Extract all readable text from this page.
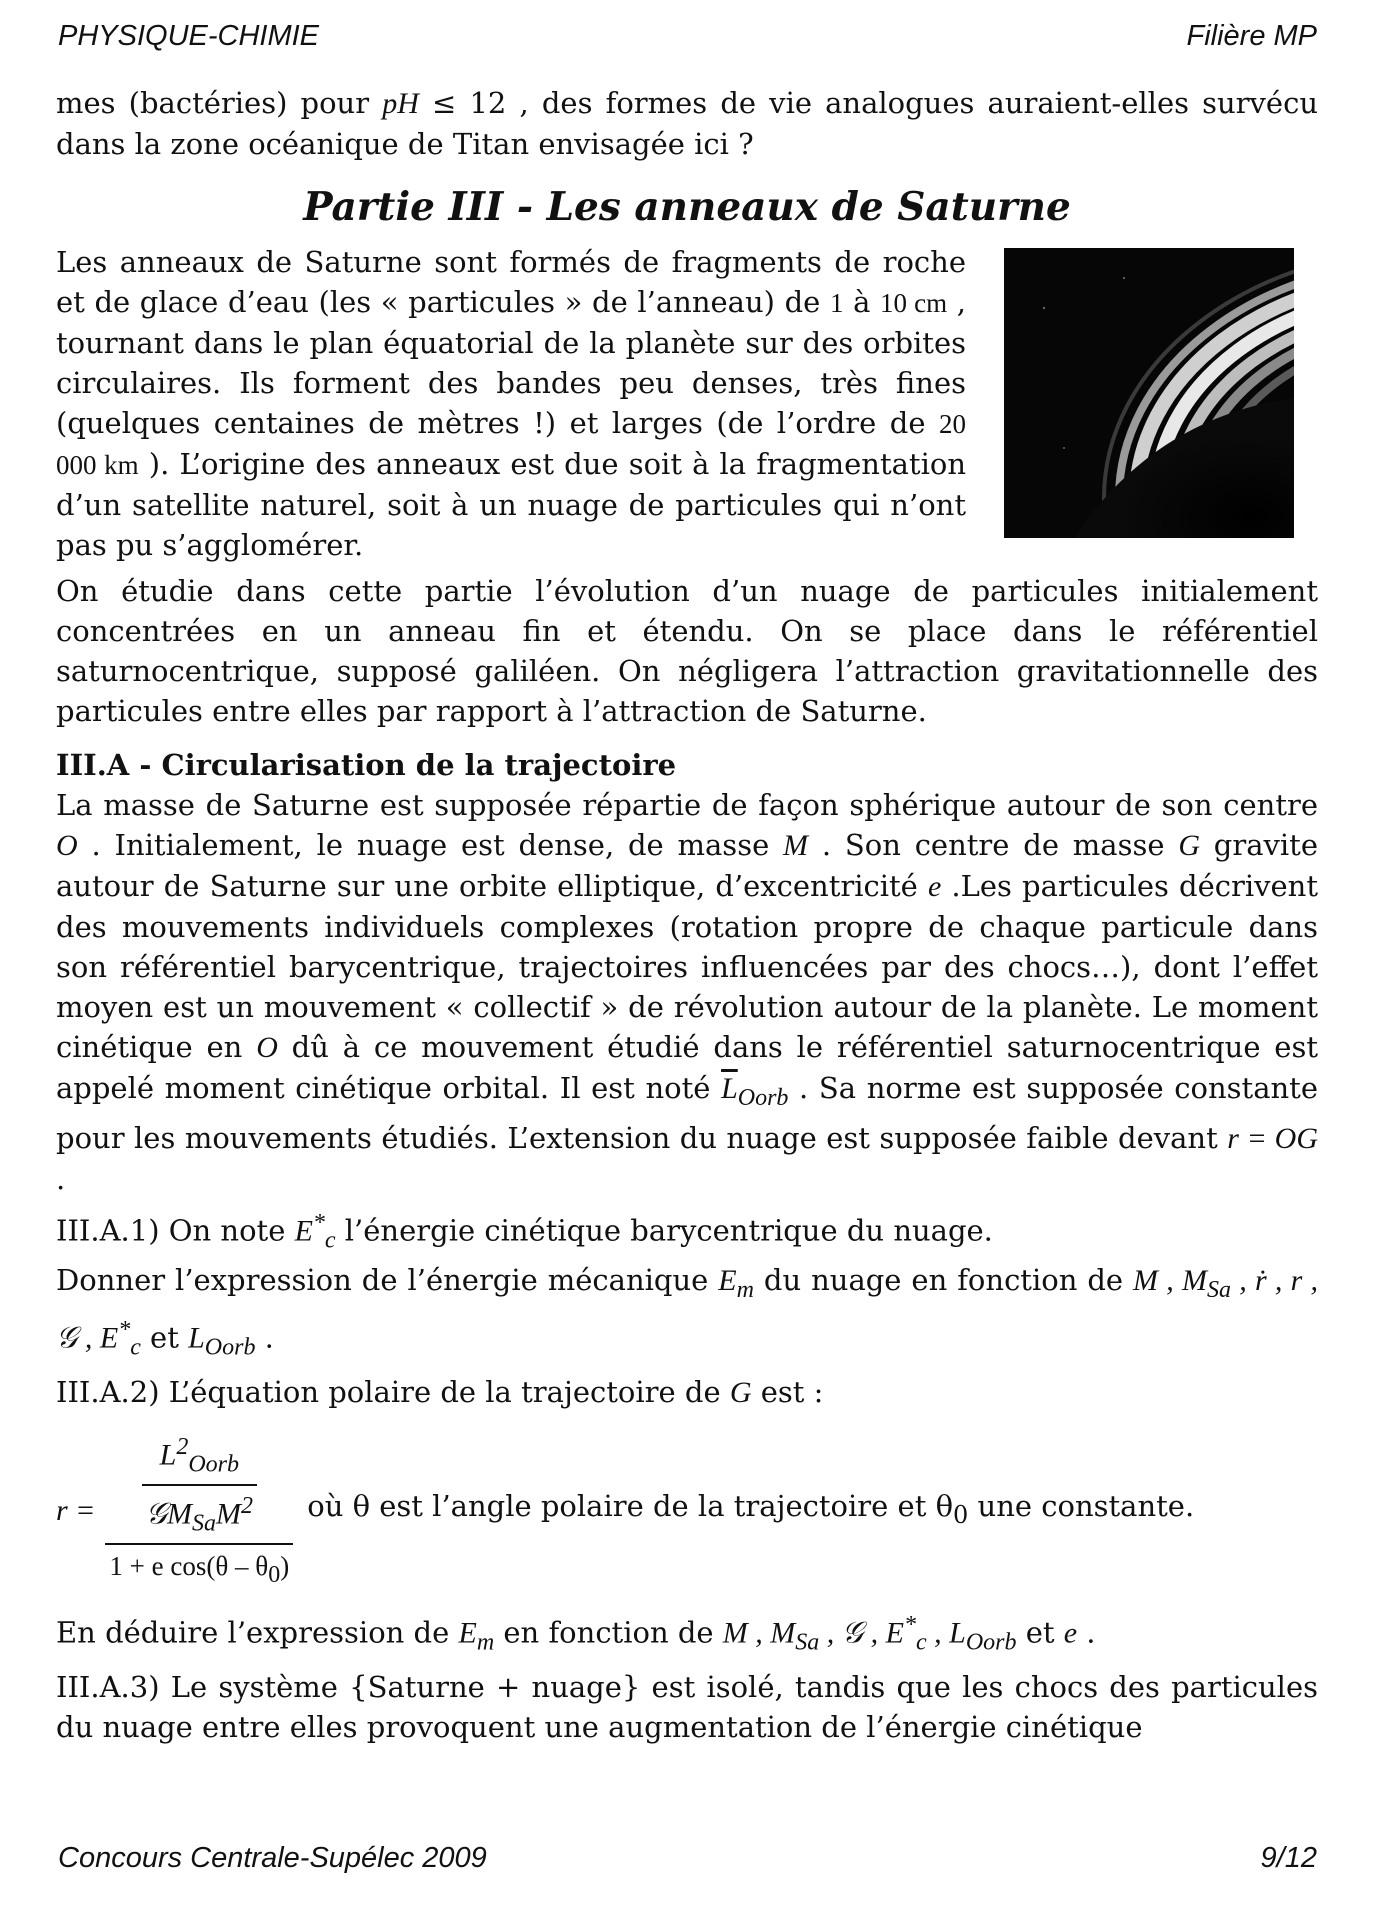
PHYSIQUE-CHIMIE	Filière MP

mes (bactéries) pour pH ≤ 12 , des formes de vie analogues auraient-elles survécu dans la zone océanique de Titan envisagée ici ?

Partie III - Les anneaux de Saturne

Les anneaux de Saturne sont formés de fragments de roche et de glace d’eau (les « particules » de l’anneau) de 1 à 10 cm , tournant dans le plan équatorial de la planète sur des orbites circulaires. Ils forment des bandes peu denses, très fines (quelques centaines de mètres !) et larges (de l’ordre de 20 000 km ). L’origine des anneaux est due soit à la fragmentation d’un satellite naturel, soit à un nuage de particules qui n’ont pas pu s’agglomérer.

On étudie dans cette partie l’évolution d’un nuage de particules initialement concentrées en un anneau fin et étendu. On se place dans le référentiel saturnocentrique, supposé galiléen. On négligera l’attraction gravitationnelle des particules entre elles par rapport à l’attraction de Saturne.

III.A - Circularisation de la trajectoire

La masse de Saturne est supposée répartie de façon sphérique autour de son centre O . Initialement, le nuage est dense, de masse M . Son centre de masse G gravite autour de Saturne sur une orbite elliptique, d’excentricité e .Les particules décrivent des mouvements individuels complexes (rotation propre de chaque particule dans son référentiel barycentrique, trajectoires influencées par des chocs…), dont l’effet moyen est un mouvement « collectif » de révolution autour de la planète. Le moment cinétique en O dû à ce mouvement étudié dans le référentiel saturnocentrique est appelé moment cinétique orbital. Il est noté $\overline{L}_{Oorb}$ . Sa norme est supposée constante pour les mouvements étudiés. L’extension du nuage est supposée faible devant r = OG .

III.A.1) On note $E^*_c$ l’énergie cinétique barycentrique du nuage.

Donner l’expression de l’énergie mécanique $E_m$ du nuage en fonction de M , $M_{Sa}$ , ṙ , r , 𝒢 , $E^*_c$ et $L_{Oorb}$ .

III.A.2) L’équation polaire de la trajectoire de G est :

$r = \frac{\frac{L^2_{Oorb}}{𝒢M_{Sa}M^2}}{1 + e \cos(\theta - \theta_0)}$ où θ est l’angle polaire de la trajectoire et $\theta_0$ une constante.

En déduire l’expression de $E_m$ en fonction de M , $M_{Sa}$ , 𝒢 , $E^*_c$ , $L_{Oorb}$ et e .

III.A.3) Le système {Saturne + nuage} est isolé, tandis que les chocs des particules du nuage entre elles provoquent une augmentation de l’énergie cinétique

Concours Centrale-Supélec 2009	9/12
